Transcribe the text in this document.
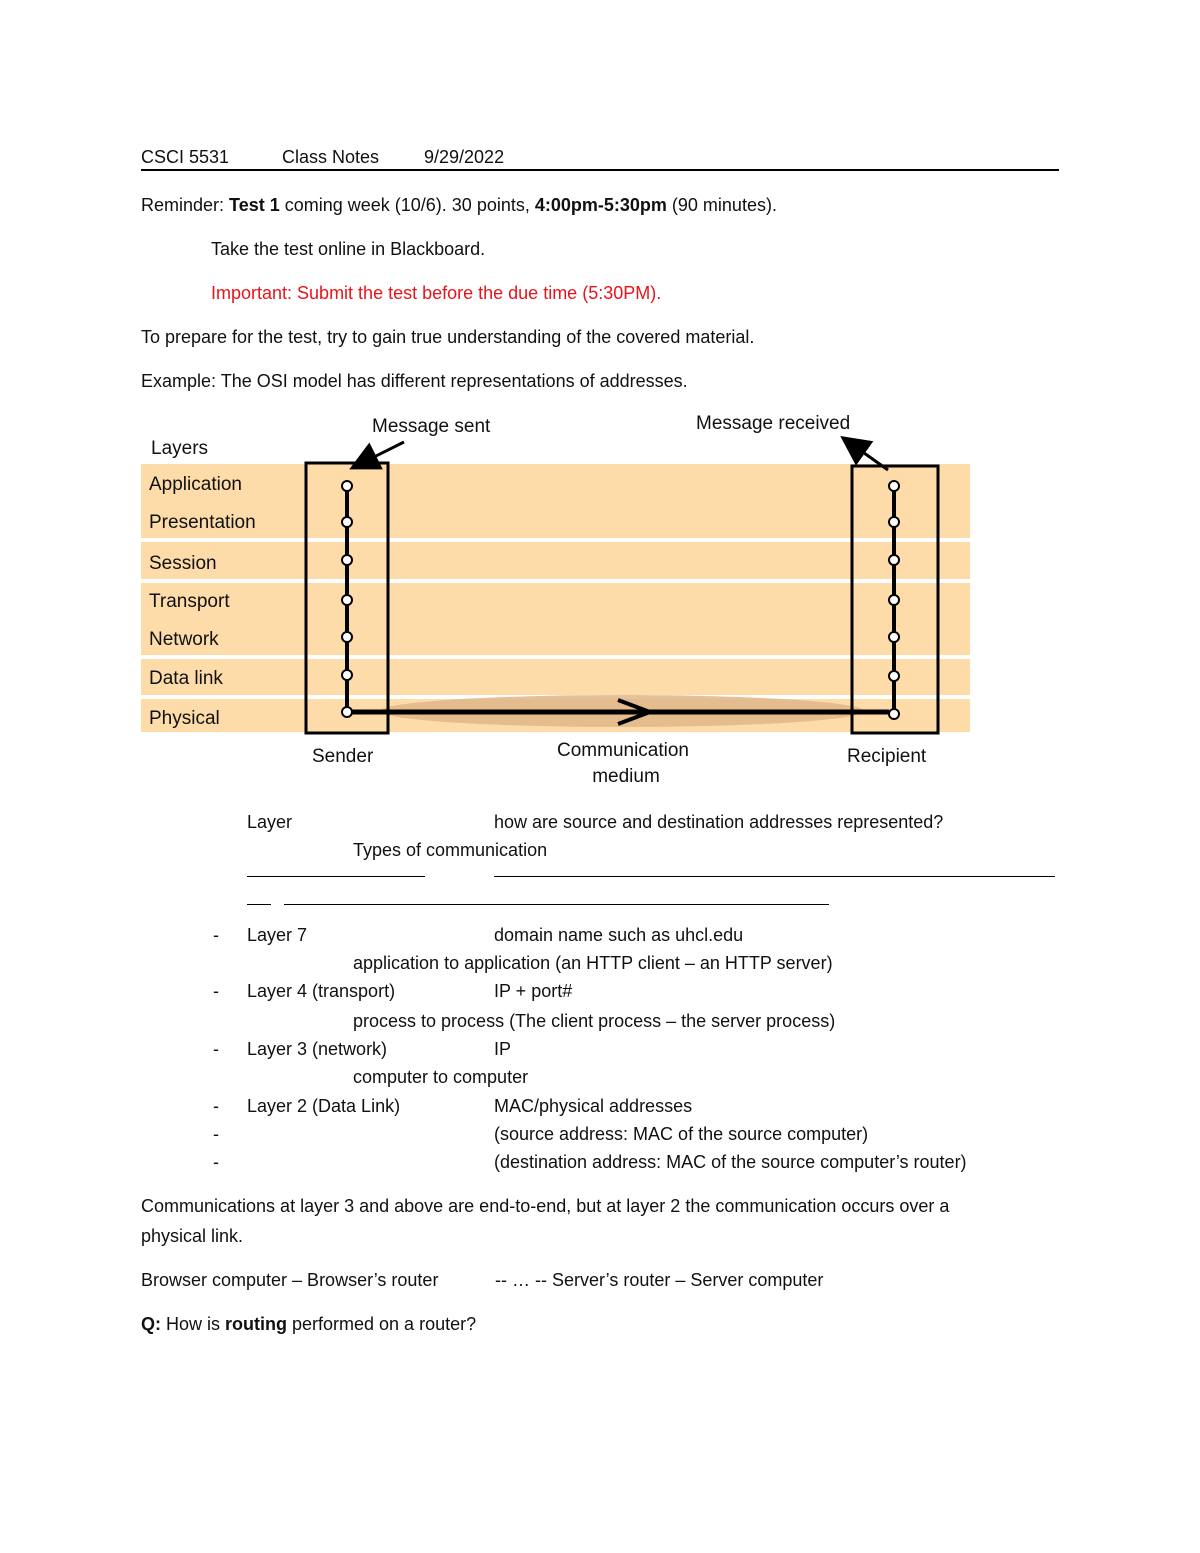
CSCI 5531	Class Notes 9/29/2022
Reminder: Test 1 coming week (10/6). 30 points, 4:00pm-5:30pm (90 minutes).
Take the test online in Blackboard.
Important: Submit the test before the due time (5:30PM).
To prepare for the test, try to gain true understanding of the covered material.
Example: The OSI model has different representations of addresses.
Layers
Application
Presentation
Session
Transport
Network
Data link
Physical
Message sent	Message received
Sender	Communication
medium
Recipient
Layer	how are source and destination addresses represented?
Types of communication
- Layer 7	domain name such as uhcl.edu
application to application (an HTTP client – an HTTP server)
- Layer 4 (transport)	IP + port#
process to process (The client process – the server process)
- Layer 3 (network)	IP
computer to computer
- Layer 2 (Data Link)	MAC/physical addresses
-	(source address: MAC of the source computer)
-	(destination address: MAC of the source computer’s router)
Communications at layer 3 and above are end-to-end, but at layer 2 the communication occurs over a
physical link.
Browser computer – Browser’s router	-- … -- Server’s router – Server computer
Q: How is routing performed on a router?
